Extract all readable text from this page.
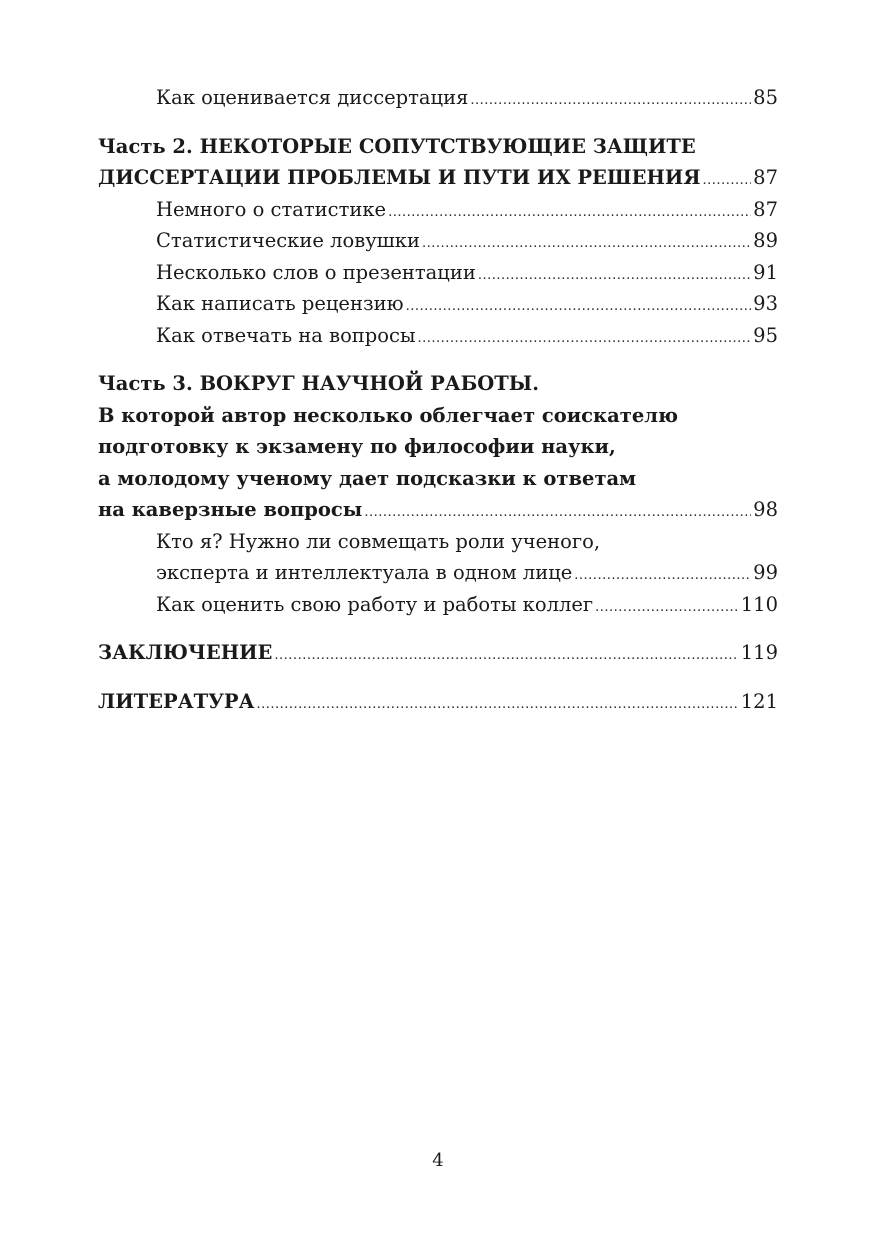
Как оценивается диссертация .....	85
Часть 2. НЕКОТОРЫЕ СОПУТСТВУЮЩИЕ ЗАЩИТЕ
ДИССЕРТАЦИИ ПРОБЛЕМЫ И ПУТИ ИХ РЕШЕНИЯ .....	87
Немного о статистике .....	87
Статистические ловушки .....	89
Несколько слов о презентации .....	91
Как написать рецензию .....	93
Как отвечать на вопросы .....	95
Часть 3. ВОКРУГ НАУЧНОЙ РАБОТЫ.
В которой автор несколько облегчает соискателю
подготовку к экзамену по философии науки,
а молодому ученому дает подсказки к ответам
на каверзные вопросы .....	98
Кто я? Нужно ли совмещать роли ученого,
эксперта и интеллектуала в одном лице .....	99
Как оценить свою работу и работы коллег .....	110
ЗАКЛЮЧЕНИЕ .....	119
ЛИТЕРАТУРА .....	121
4
